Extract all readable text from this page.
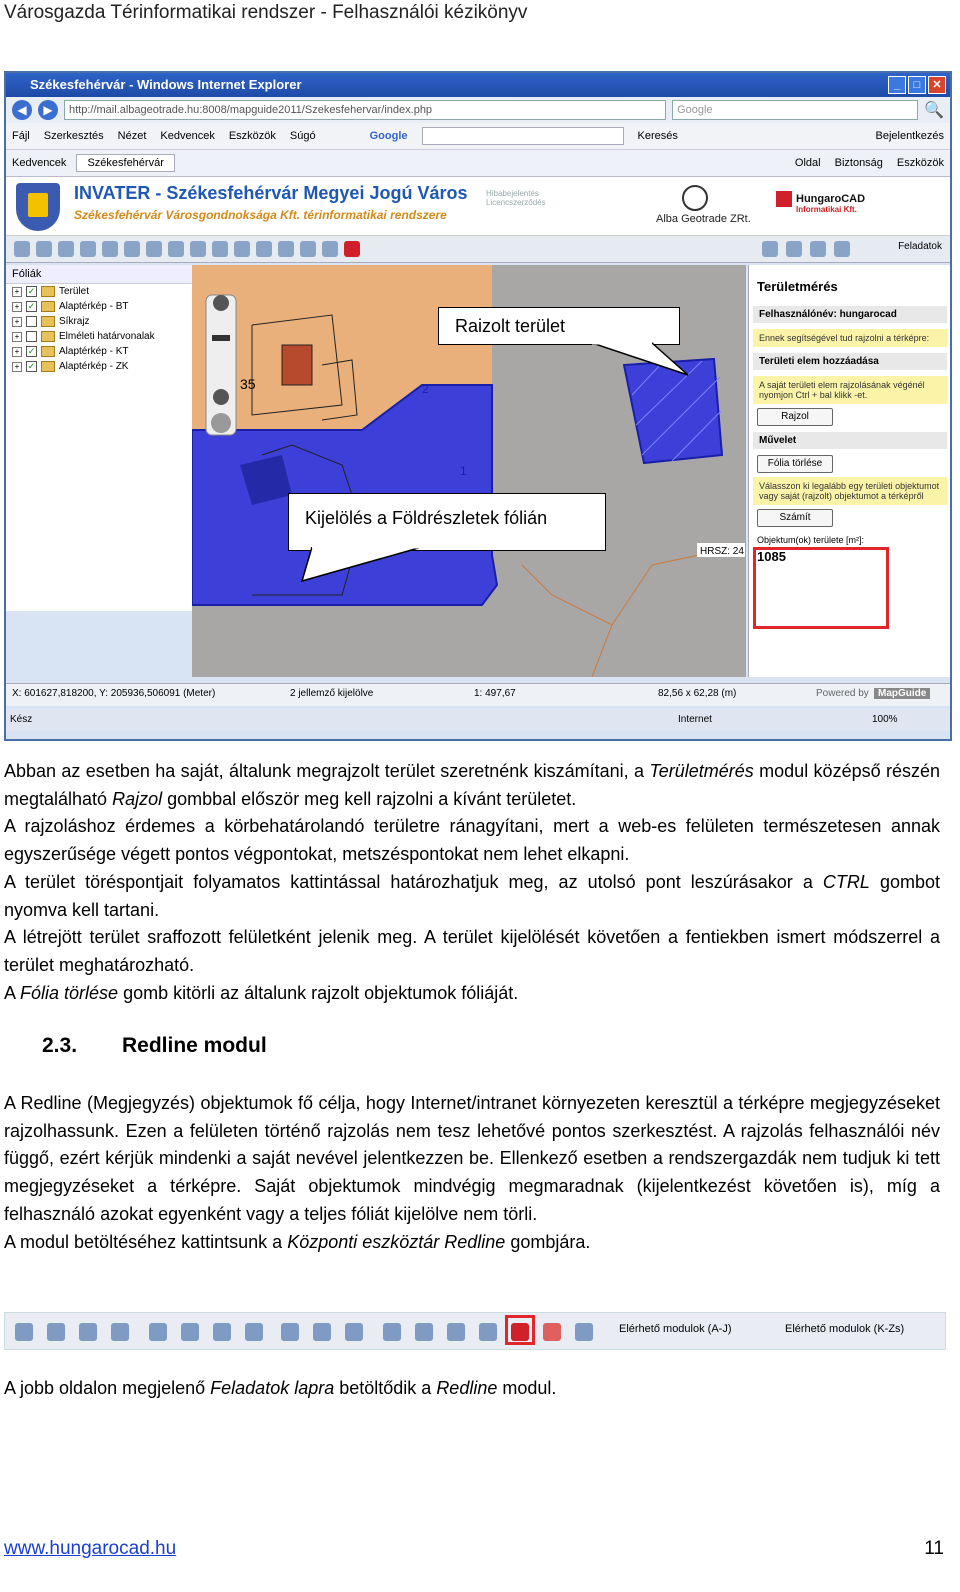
Városgazda Térinformatikai rendszer - Felhasználói kézikönyv
Székesfehérvár - Windows Internet Explorer	_	□	✕
◀	▶	http://mail.albageotrade.hu:8008/mapguide2011/Szekesfehervar/index.php	Google	🔍
Fájl Szerkesztés Nézet Kedvencek Eszközök Súgó	Google	Keresés	Bejelentkezés
Kedvencek	Székesfehérvár	Oldal Biztonság Eszközök
INVATER - Székesfehérvár Megyei Jogú Város
Székesfehérvár Városgondnoksága Kft. térinformatikai rendszere
Hibabejelentés Licencszerződés
Alba Geotrade ZRt.
HungaroCAD
Informatikai Kft.
Feladatok
Fóliák
+ ✓ Terület
+ ✓ Alaptérkép - BT
+	Síkrajz
+	Elméleti határvonalak
+ ✓ Alaptérkép - KT
+ ✓ Alaptérkép - ZK
35	2
1
HRSZ: 24
Raizolt terület
Kijelölés a Földrészletek fólián
Területmérés
Felhasználónév: hungarocad
Ennek segítségével tud rajzolni a térképre:
Területi elem hozzáadása
A saját területi elem rajzolásának végénél nyomjon Ctrl + bal klikk -et.
Rajzol
Művelet
Fólia törlése
Válasszon ki legalább egy területi objektumot vagy saját (rajzolt) objektumot a térképről
Számít
Objektum(ok) területe [m²]:
1085
X: 601627,818200, Y: 205936,506091 (Meter)	2 jellemző kijelölve	1: 497,67	82,56 x 62,28 (m)	Powered by MapGuide
Kész	Internet	100%

Abban az esetben ha saját, általunk megrajzolt terület szeretnénk kiszámítani, a Területmérés modul középső részén megtalálható Rajzol gombbal először meg kell rajzolni a kívánt területet.

A rajzoláshoz érdemes a körbehatárolandó területre ránagyítani, mert a web-es felületen természetesen annak egyszerűsége végett pontos végpontokat, metszéspontokat nem lehet elkapni.

A terület töréspontjait folyamatos kattintással határozhatjuk meg, az utolsó pont leszúrásakor a CTRL gombot nyomva kell tartani.

A létrejött terület sraffozott felületként jelenik meg. A terület kijelölését követően a fentiekben ismert módszerrel a terület meghatározható.

A Fólia törlése gomb kitörli az általunk rajzolt objektumok fóliáját.

2.3. Redline modul

A Redline (Megjegyzés) objektumok fő célja, hogy Internet/intranet környezeten keresztül a térképre megjegyzéseket rajzolhassunk. Ezen a felületen történő rajzolás nem tesz lehetővé pontos szerkesztést. A rajzolás felhasználói név függő, ezért kérjük mindenki a saját nevével jelentkezzen be. Ellenkező esetben a rendszergazdák nem tudjuk ki tett megjegyzéseket a térképre. Saját objektumok mindvégig megmaradnak (kijelentkezést követően is), míg a felhasználó azokat egyenként vagy a teljes fóliát kijelölve nem törli.

A modul betöltéséhez kattintsunk a Központi eszköztár Redline gombjára.

Elérhető modulok (A-J)	Elérhető modulok (K-Zs)

A jobb oldalon megjelenő Feladatok lapra betöltődik a Redline modul.

www.hungarocad.hu	11
